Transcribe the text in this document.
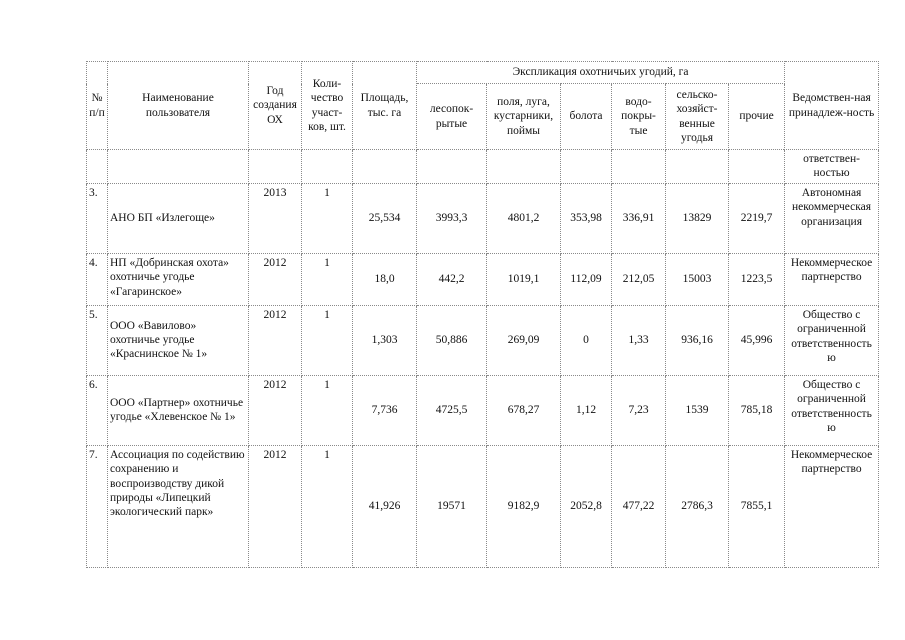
№ п/п	Наименование пользователя	Год создания ОХ	Коли-чество участ-ков, шт.	Площадь, тыс. га	Экспликация охотничьих угодий, га						Ведомствен-ная принадлеж-ность
					лесопок-рытые	поля, луга, кустарники, поймы	болота	водо-покры-тые	сельско-хозяйст-венные угодья	прочие	
											ответствен-ностью
3.	АНО БП «Излегоще»	2013	1	25,534	3993,3	4801,2	353,98	336,91	13829	2219,7	Автономная некоммерческая организация
4.	НП «Добринская охота» охотничье угодье «Гагаринское»	2012	1	18,0	442,2	1019,1	112,09	212,05	15003	1223,5	Некоммерческое партнерство
5.	ООО «Вавилово» охотничье угодье «Краснинское № 1»	2012	1	1,303	50,886	269,09	0	1,33	936,16	45,996	Общество с ограниченной ответственностью
6.	ООО «Партнер» охотничье угодье «Хлевенское № 1»	2012	1	7,736	4725,5	678,27	1,12	7,23	1539	785,18	Общество с ограниченной ответственностью
7.	Ассоциация по содействию сохранению и воспроизводству дикой природы «Липецкий экологический парк»	2012	1	41,926	19571	9182,9	2052,8	477,22	2786,3	7855,1	Некоммерческое партнерство
